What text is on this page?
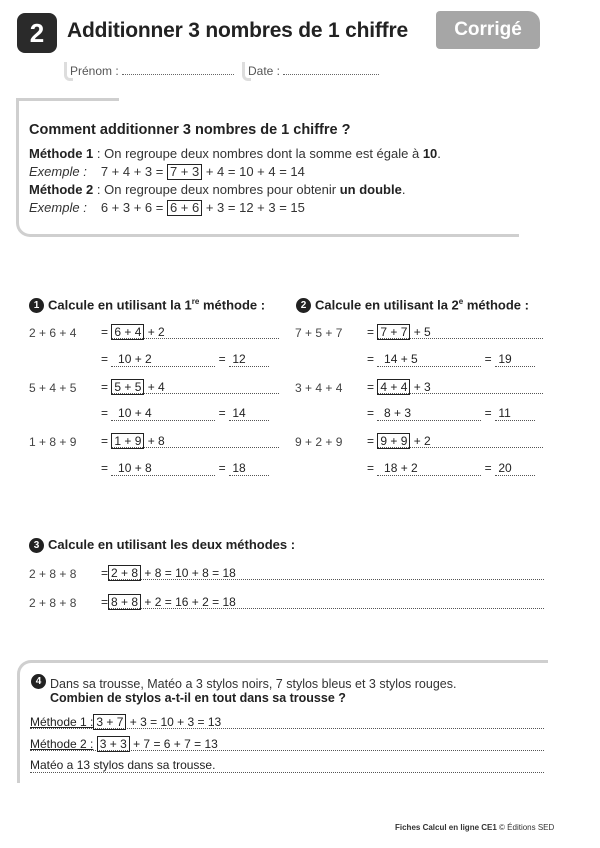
2	Additionner 3 nombres de 1 chiffre	Corrigé
Prénom :	Date :
Comment additionner 3 nombres de 1 chiffre ?
Méthode 1 : On regroupe deux nombres dont la somme est égale à 10.
Exemple : 7 + 4 + 3 = 7 + 3 + 4 = 10 + 4 = 14
Méthode 2 : On regroupe deux nombres pour obtenir un double.
Exemple : 6 + 3 + 6 = 6 + 6 + 3 = 12 + 3 = 15
1 Calcule en utilisant la 1re méthode :	2 Calcule en utilisant la 2e méthode :
2 + 6 + 4 = 6 + 4 + 2
=   10 + 2	=  12
5 + 4 + 5 = 5 + 5 + 4
=   10 + 4	=  14
1 + 8 + 9 = 1 + 9 + 8
=   10 + 8	=  18
7 + 5 + 7 = 7 + 7 + 5
=   14 + 5	=  19
3 + 4 + 4 = 4 + 4 + 3
=   8 + 3	=  11
9 + 2 + 9 = 9 + 9 + 2
=   18 + 2	=  20
3 Calcule en utilisant les deux méthodes :
2 + 8 + 8 = 2 + 8 + 8 = 10 + 8 = 18
2 + 8 + 8 = 8 + 8 + 2 = 16 + 2 = 18
4 Dans sa trousse, Matéo a 3 stylos noirs, 7 stylos bleus et 3 stylos rouges.
Combien de stylos a-t-il en tout dans sa trousse ?
Méthode 1 : 3 + 7 + 3 = 10 + 3 = 13
Méthode 2 : 3 + 3 + 7 = 6 + 7 = 13
Matéo a 13 stylos dans sa trousse.
Fiches Calcul en ligne CE1 © Éditions SED
